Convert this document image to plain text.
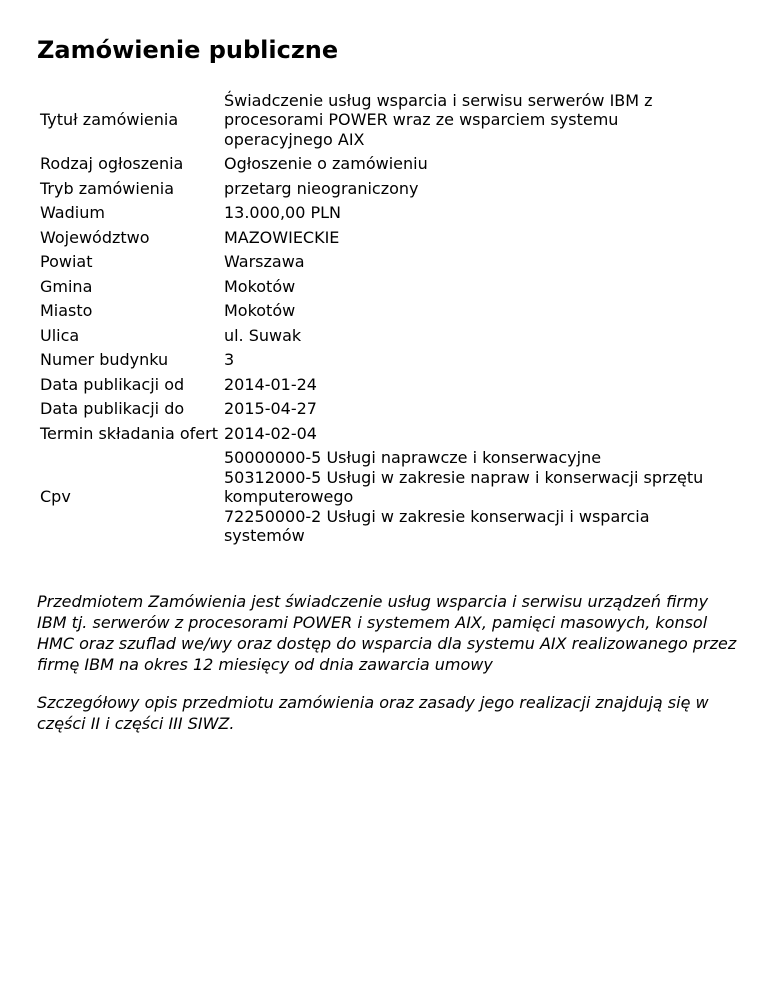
Zamówienie publiczne
Tytuł zamówienia	Świadczenie usług wsparcia i serwisu serwerów IBM z procesorami POWER wraz ze wsparciem systemu operacyjnego AIX
Rodzaj ogłoszenia	Ogłoszenie o zamówieniu
Tryb zamówienia	przetarg nieograniczony
Wadium	13.000,00 PLN
Województwo	MAZOWIECKIE
Powiat	Warszawa
Gmina	Mokotów
Miasto	Mokotów
Ulica	ul. Suwak
Numer budynku	3
Data publikacji od	2014-01-24
Data publikacji do	2015-04-27
Termin składania ofert	2014-02-04
Cpv	50000000-5 Usługi naprawcze i konserwacyjne
50312000-5 Usługi w zakresie napraw i konserwacji sprzętu komputerowego
72250000-2 Usługi w zakresie konserwacji i wsparcia systemów

Przedmiotem Zamówienia jest świadczenie usług wsparcia i serwisu urządzeń firmy IBM tj. serwerów z procesorami POWER i systemem AIX, pamięci masowych, konsol HMC oraz szuflad we/wy oraz dostęp do wsparcia dla systemu AIX realizowanego przez firmę IBM na okres 12 miesięcy od dnia zawarcia umowy

Szczegółowy opis przedmiotu zamówienia oraz zasady jego realizacji znajdują się w części II i części III SIWZ.
